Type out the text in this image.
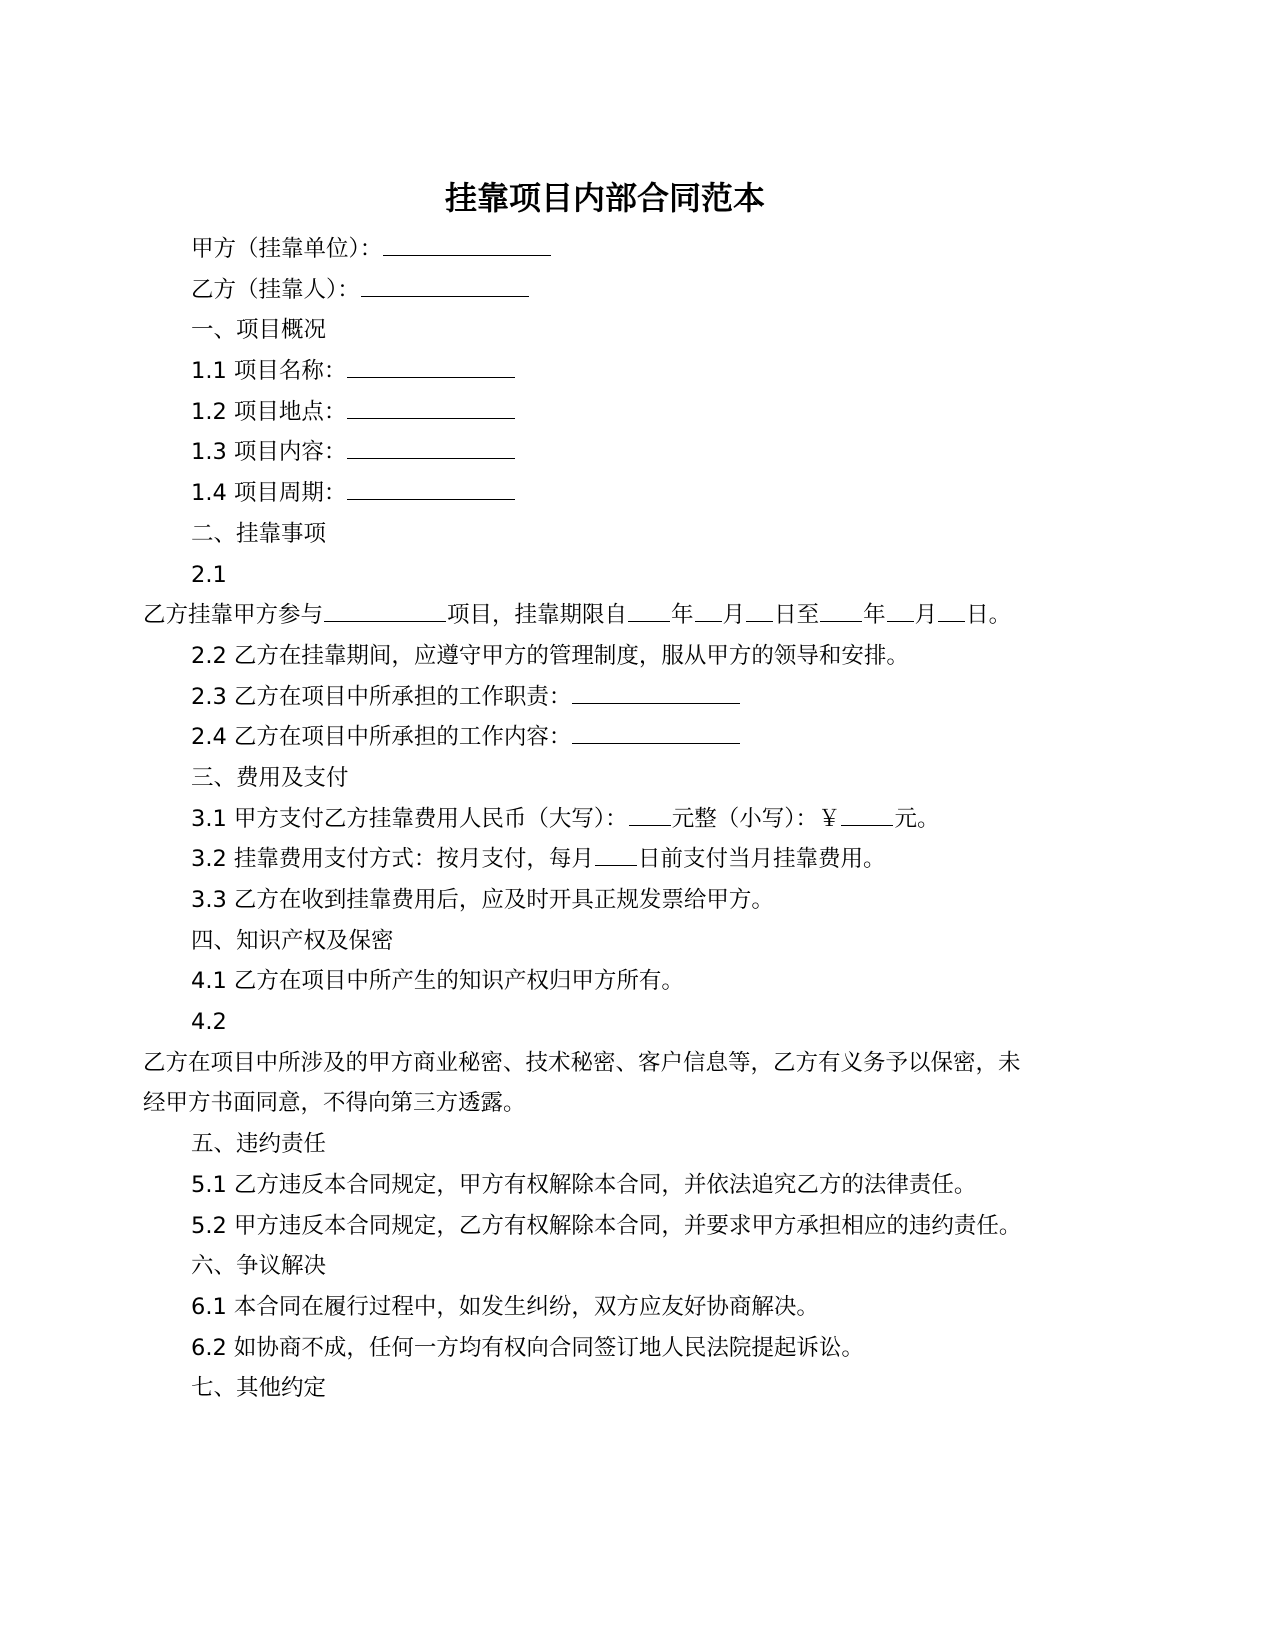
挂靠项目内部合同范本
甲方（挂靠单位）：
乙方（挂靠人）：
一、项目概况
1.1 项目名称：
1.2 项目地点：
1.3 项目内容：
1.4 项目周期：
二、挂靠事项
2.1
乙方挂靠甲方参与	项目，挂靠期限自 年 月 日至 年 月 日。
2.2 乙方在挂靠期间，应遵守甲方的管理制度，服从甲方的领导和安排。
2.3 乙方在项目中所承担的工作职责：
2.4 乙方在项目中所承担的工作内容：
三、费用及支付
3.1 甲方支付乙方挂靠费用人民币（大写）： 元整（小写）：￥ 元。
3.2 挂靠费用支付方式：按月支付，每月 日前支付当月挂靠费用。
3.3 乙方在收到挂靠费用后，应及时开具正规发票给甲方。
四、知识产权及保密
4.1 乙方在项目中所产生的知识产权归甲方所有。
4.2
乙方在项目中所涉及的甲方商业秘密、技术秘密、客户信息等，乙方有义务予以保密，未
经甲方书面同意，不得向第三方透露。
五、违约责任
5.1 乙方违反本合同规定，甲方有权解除本合同，并依法追究乙方的法律责任。
5.2 甲方违反本合同规定，乙方有权解除本合同，并要求甲方承担相应的违约责任。
六、争议解决
6.1 本合同在履行过程中，如发生纠纷，双方应友好协商解决。
6.2 如协商不成，任何一方均有权向合同签订地人民法院提起诉讼。
七、其他约定
